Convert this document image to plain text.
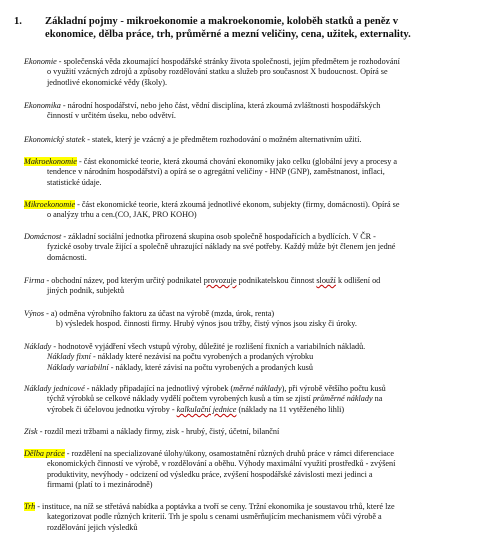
1. Základní pojmy - mikroekonomie a makroekonomie, koloběh statků a peněz v
ekonomice, dělba práce, trh, průměrné a mezní veličiny, cena, užitek, externality.
Ekonomie - společenská věda zkoumající hospodářské stránky života společnosti, jejím předmětem je rozhodování
o využití vzácných zdrojů a způsoby rozdělování statku a služeb pro současnost X budoucnost. Opírá se
jednotlivé ekonomické vědy (školy).
Ekonomika - národní hospodářství, nebo jeho část, vědní disciplína, která zkoumá zvláštnosti hospodářských
činností v určitém úseku, nebo odvětví.
Ekonomický statek - statek, který je vzácný a je předmětem rozhodování o možném alternativním užití.
Makroekonomie - část ekonomické teorie, která zkoumá chování ekonomiky jako celku (globální jevy a procesy a
tendence v národním hospodářství) a opírá se o agregátní veličiny - HNP (GNP), zaměstnanost, inflaci,
statistické údaje.
Mikroekonomie - část ekonomické teorie, která zkoumá jednotlivé ekonom, subjekty (firmy, domácnosti). Opírá se
o analýzy trhu a cen.(CO, JAK, PRO KOHO)
Domácnost - základní sociální jednotka přirozená skupina osob společně hospodařících a bydlících. V ČR -
fyzické osoby trvale žijící a společně uhrazující náklady na své potřeby. Každý může být členem jen jedné
domácnosti.
Firma - obchodní název, pod kterým určitý podnikatel provozuje podnikatelskou činnost slouží k odlišení od
jiných podnik, subjektů
Výnos - a) odměna výrobního faktoru za účast na výrobě (mzda, úrok, renta)
b) výsledek hospod. činnosti firmy. Hrubý výnos jsou tržby, čistý výnos jsou zisky či úroky.
Náklady - hodnotově vyjádření všech vstupů výroby, důležité je rozlišení fixních a variabilních nákladů.
Náklady fixní - náklady které nezávisí na počtu vyrobených a prodaných výrobku
Náklady variabilní - náklady, které závisí na počtu vyrobených a prodaných kusů
Náklady jednicové - náklady připadající na jednotlivý výrobek (měrné náklady), při výrobě většího počtu kusů
týchž výrobků se celkové náklady vydělí počtem vyrobených kusů a tím se zjistí průměrné náklady na
výrobek či účelovou jednotku výroby - kalkulační jednice (náklady na 11 vytěženého lihli)
Zisk - rozdíl mezi tržbami a náklady firmy, zisk - hrubý, čistý, účetní, bilanční
Dělba práce - rozdělení na specializované úlohy/úkony, osamostatnění různých druhů práce v rámci diferenciace
ekonomických činností ve výrobě, v rozdělování a oběhu. Výhody maximální využití prostředků - zvýšení
produktivity, nevýhody - odcizení od výsledku práce, zvýšení hospodářské závislosti mezi jedinci a
firmami (platí to i mezinárodně)
Trh - instituce, na níž se střetává nabídka a poptávka a tvoří se ceny. Tržní ekonomika je soustavou trhů, které lze
kategorizovat podle různých kriterií. Trh je spolu s cenami usměrňujícím mechanismem vůči výrobě a
rozdělování jejich výsledků
